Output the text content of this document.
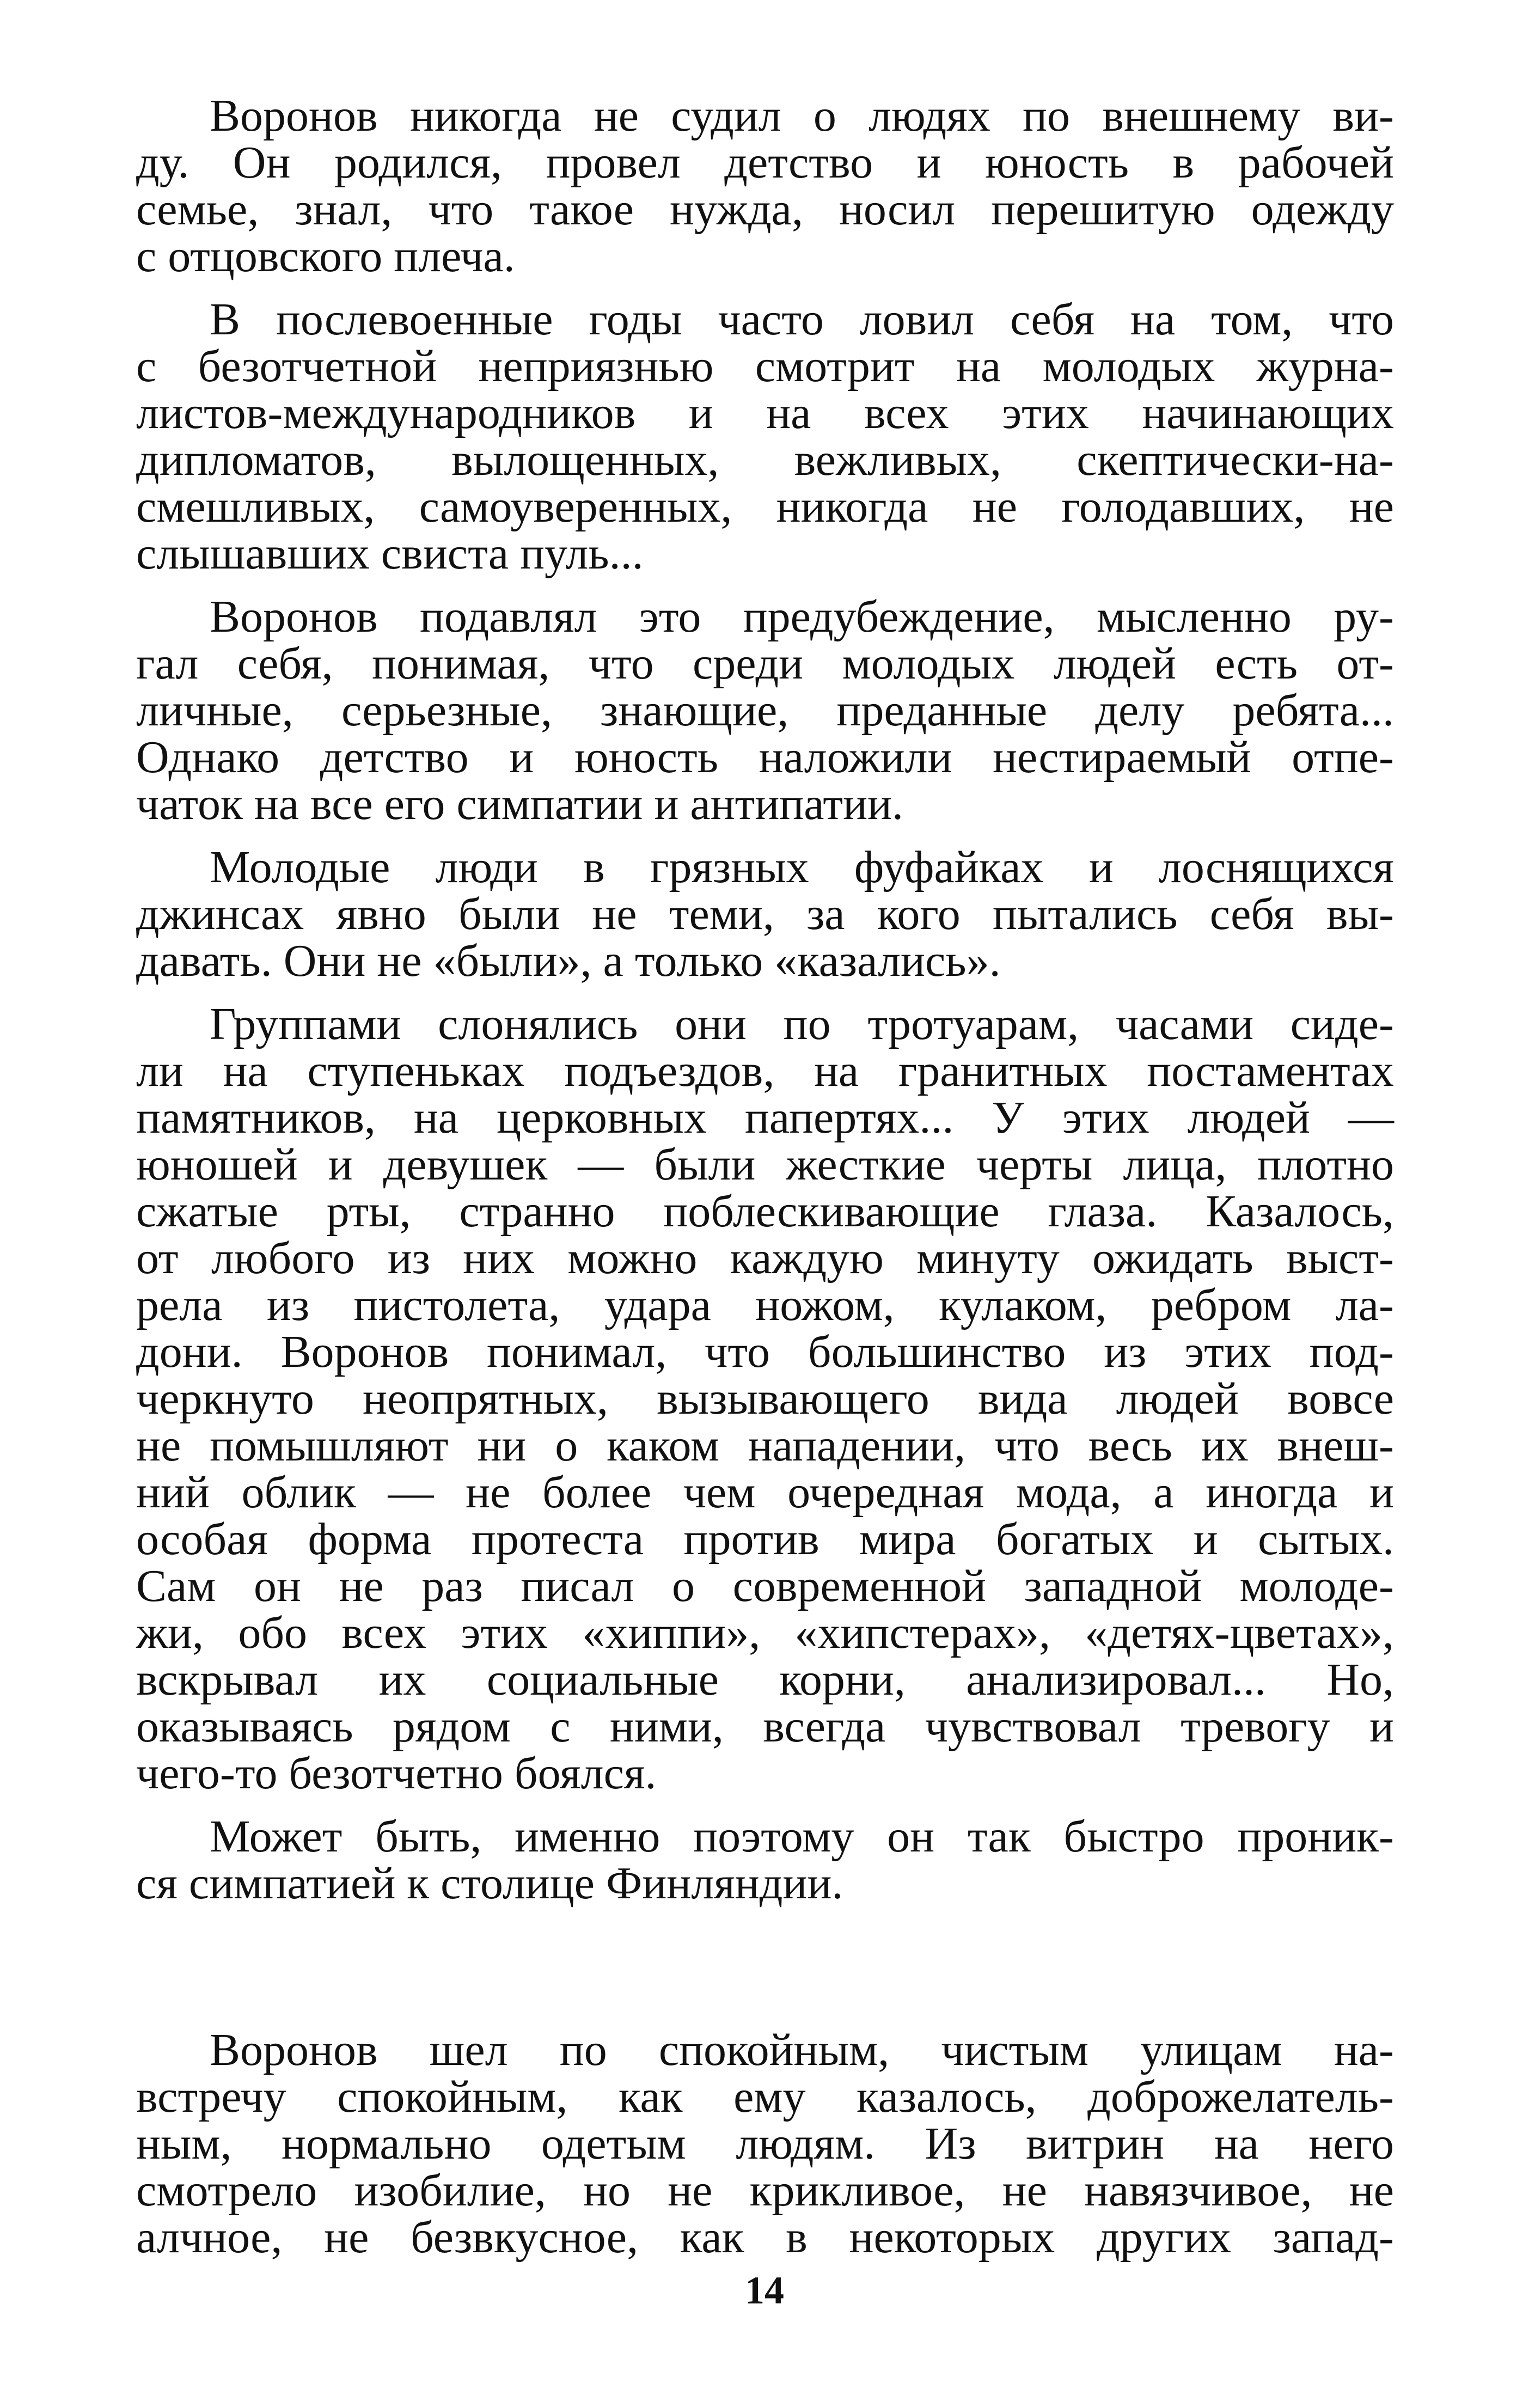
Воронов никогда не судил о людях по внешнему ви-
ду. Он родился, провел детство и юность в рабочей
семье, знал, что такое нужда, носил перешитую одежду
с отцовского плеча.

В послевоенные годы часто ловил себя на том, что
с безотчетной неприязнью смотрит на молодых журна-
листов-международников и на всех этих начинающих
дипломатов, вылощенных, вежливых, скептически-на-
смешливых, самоуверенных, никогда не голодавших, не
слышавших свиста пуль...

Воронов подавлял это предубеждение, мысленно ру-
гал себя, понимая, что среди молодых людей есть от-
личные, серьезные, знающие, преданные делу ребята...
Однако детство и юность наложили нестираемый отпе-
чаток на все его симпатии и антипатии.

Молодые люди в грязных фуфайках и лоснящихся
джинсах явно были не теми, за кого пытались себя вы-
давать. Они не «были», а только «казались».

Группами слонялись они по тротуарам, часами сиде-
ли на ступеньках подъездов, на гранитных постаментах
памятников, на церковных папертях... У этих людей —
юношей и девушек — были жесткие черты лица, плотно
сжатые рты, странно поблескивающие глаза. Казалось,
от любого из них можно каждую минуту ожидать выст-
рела из пистолета, удара ножом, кулаком, ребром ла-
дони. Воронов понимал, что большинство из этих под-
черкнуто неопрятных, вызывающего вида людей вовсе
не помышляют ни о каком нападении, что весь их внеш-
ний облик — не более чем очередная мода, а иногда и
особая форма протеста против мира богатых и сытых.
Сам он не раз писал о современной западной молоде-
жи, обо всех этих «хиппи», «хипстерах», «детях-цветах»,
вскрывал их социальные корни, анализировал... Но,
оказываясь рядом с ними, всегда чувствовал тревогу и
чего-то безотчетно боялся.

Может быть, именно поэтому он так быстро проник-
ся симпатией к столице Финляндии.

Воронов шел по спокойным, чистым улицам на-
встречу спокойным, как ему казалось, доброжелатель-
ным, нормально одетым людям. Из витрин на него
смотрело изобилие, но не крикливое, не навязчивое, не
алчное, не безвкусное, как в некоторых других запад-

14
